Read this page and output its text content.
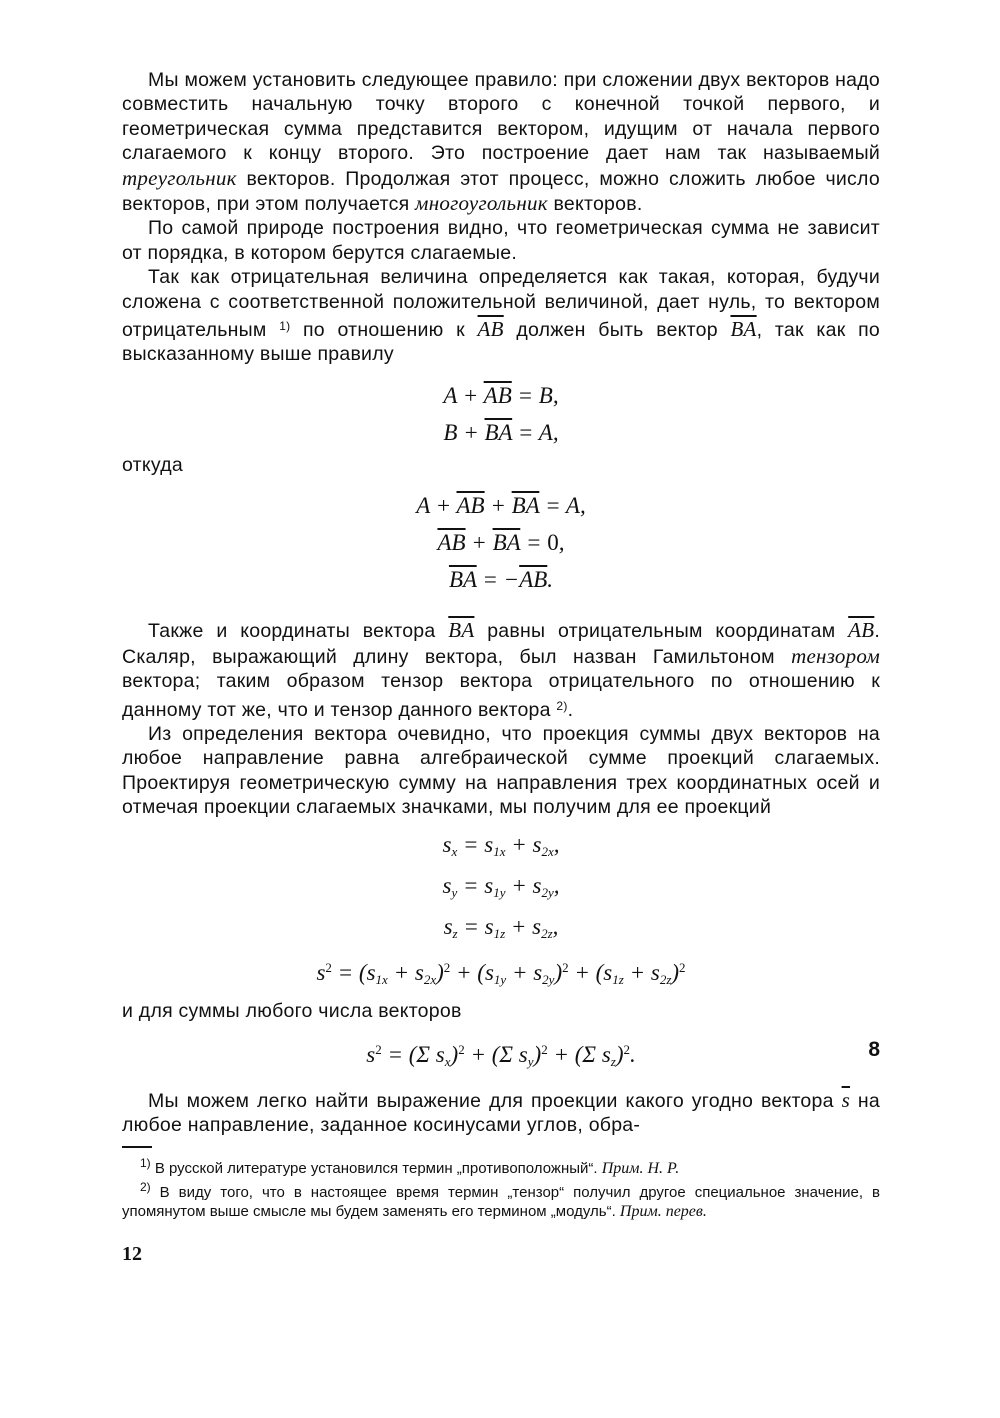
Мы можем установить следующее правило: при сложении двух векторов надо совместить начальную точку второго с конечной точкой первого, и геометрическая сумма представится вектором, идущим от начала первого слагаемого к концу второго. Это построение дает нам так называемый треугольник векторов. Продолжая этот процесс, можно сложить любое число векторов, при этом получается многоугольник векторов.

По самой природе построения видно, что геометрическая сумма не зависит от порядка, в котором берутся слагаемые.

Так как отрицательная величина определяется как такая, которая, будучи сложена с соответственной положительной величиной, дает нуль, то вектором отрицательным $^{1)}$ по отношению к $\overline{AB}$ должен быть вектор $\overline{BA}$, так как по высказанному выше правилу

$A + \overline{AB} = B$,
$B + \overline{BA} = A$,

откуда

$A + \overline{AB} + \overline{BA} = A$,
$\overline{AB} + \overline{BA} = 0$,
$\overline{BA} = -\overline{AB}$.

Также и координаты вектора $\overline{BA}$ равны отрицательным координатам $\overline{AB}$. Скаляр, выражающий длину вектора, был назван Гамильтоном тензором вектора; таким образом тензор вектора отрицательного по отношению к данному тот же, что и тензор данного вектора $^{2)}$.

Из определения вектора очевидно, что проекция суммы двух векторов на любое направление равна алгебраической сумме проекций слагаемых. Проектируя геометрическую сумму на направления трех координатных осей и отмечая проекции слагаемых значками, мы получим для ее проекций

$s_x = s_{1x} + s_{2x}$,
$s_y = s_{1y} + s_{2y}$,
$s_z = s_{1z} + s_{2z}$,
$s^2 = (s_{1x} + s_{2x})^2 + (s_{1y} + s_{2y})^2 + (s_{1z} + s_{2z})^2$

и для суммы любого числа векторов

$s^2 = (\Sigma$ $s_x)^2 + (\Sigma$ $s_y)^2 + (\Sigma$ $s_z)^2$.	8

Мы можем легко найти выражение для проекции какого угодно вектора $\overline{s}$ на любое направление, заданное косинусами углов, обра-

$^{1)}$ В русской литературе установился термин „противоположный“. Прим. Н. Р.

$^{2)}$ В виду того, что в настоящее время термин „тензор“ получил другое специальное значение, в упомянутом выше смысле мы будем заменять его термином „модуль“. Прим. перев.

12
